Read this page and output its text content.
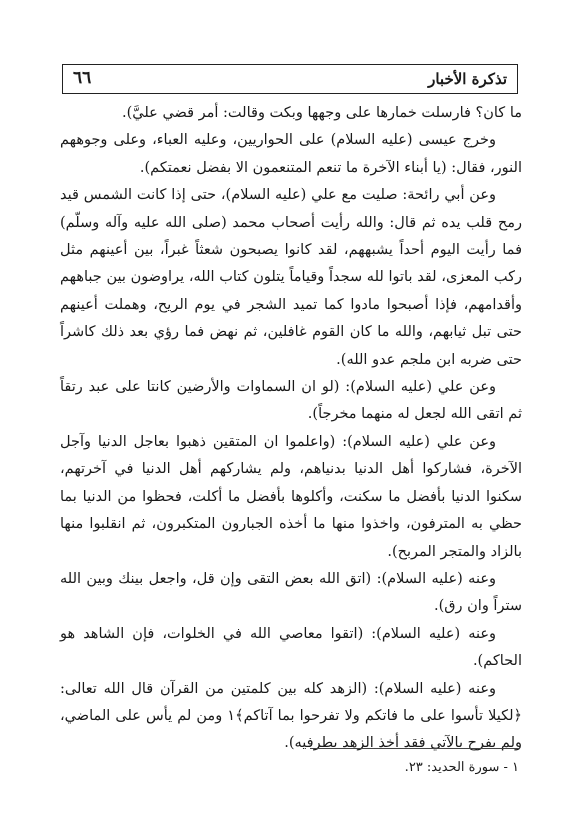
تذكرة الأخبار
٦٦

ما كان؟ فارسلت خمارها على وجهها وبكت وقالت: أمر قضي عليَّ).

وخرج عيسى (عليه السلام) على الحواريين، وعليه العباء، وعلى وجوههم النور، فقال: (يا أبناء الآخرة ما تنعم المتنعمون الا بفضل نعمتكم).

وعن أبي رائحة: صليت مع علي (عليه السلام)، حتى إذا كانت الشمس قيد رمح قلب يده ثم قال: والله رأيت أصحاب محمد (صلى الله عليه وآله وسلّم) فما رأيت اليوم أحداً يشبههم، لقد كانوا يصبحون شعثاً غبراً، بين أعينهم مثل ركب المعزى، لقد باتوا لله سجداً وقياماً يتلون كتاب الله، يراوضون بين جباههم وأقدامهم، فإذا أصبحوا مادوا كما تميد الشجر في يوم الريح، وهملت أعينهم حتى تبل ثيابهم، والله ما كان القوم غافلين، ثم نهض فما رؤي بعد ذلك كاشراً حتى ضربه ابن ملجم عدو الله).

وعن علي (عليه السلام): (لو ان السماوات والأرضين كانتا على عبد رتقاً ثم اتقى الله لجعل له منهما مخرجاً).

وعن علي (عليه السلام): (واعلموا ان المتقين ذهبوا بعاجل الدنيا وآجل الآخرة، فشاركوا أهل الدنيا بدنياهم، ولم يشاركهم أهل الدنيا في آخرتهم، سكنوا الدنيا بأفضل ما سكنت، وأكلوها بأفضل ما أكلت، فحظوا من الدنيا بما حظي به المترفون، واخذوا منها ما أخذه الجبارون المتكبرون، ثم انقلبوا منها بالزاد والمتجر المربح).

وعنه (عليه السلام): (اتق الله بعض التقى وإن قل، واجعل بينك وبين الله ستراً وان رق).

وعنه (عليه السلام): (اتقوا معاصي الله في الخلوات، فإن الشاهد هو الحاكم).

وعنه (عليه السلام): (الزهد كله بين كلمتين من القرآن قال الله تعالى: ﴿لكيلا تأسوا على ما فاتكم ولا تفرحوا بما آتاكم﴾١ ومن لم يأس على الماضي، ولم يفرح بالآتي فقد أخذ الزهد بطرفيه).

١ - سورة الحديد: ٢٣.
